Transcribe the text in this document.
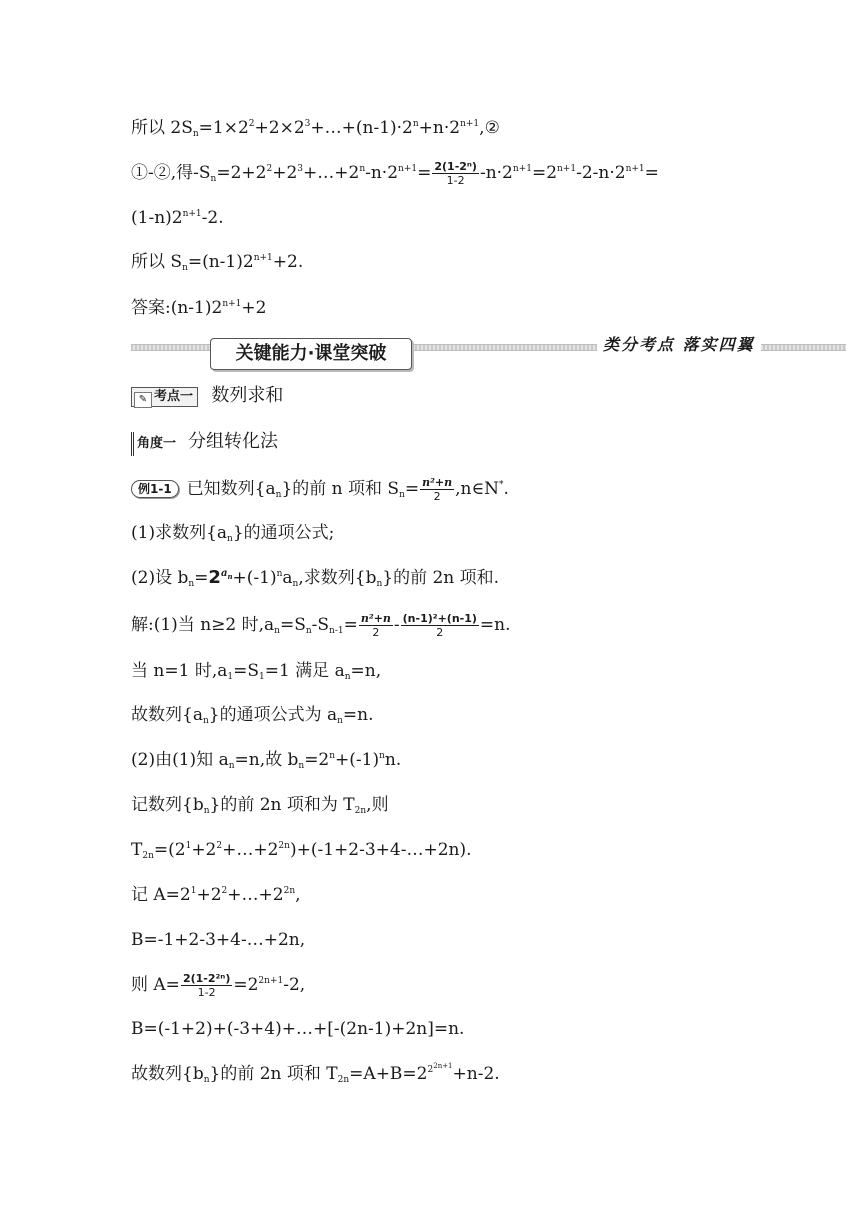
所以 $2S_n=1\times 2^2+2\times 2^3+\dots+(n-1)\cdot 2^n+n\cdot 2^{n+1},②$
①-②,得$-S_n=2+2^2+2^3+\dots+2^n-n\cdot 2^{n+1}= \frac{\text{2(1-2ⁿ)}}{1-2} -n\cdot 2^{n+1}=2^{n+1}-2-n\cdot 2^{n+1}=$
$(1-n)2^{n+1}-2$.
所以 $S_n=(n-1)2^{n+1}+2$.
答案$:(n-1)2^{n+1}+2$
关键能力·课堂突破	类分考点 落实四翼
✎ 考点一 数列求和
角度一 分组转化法
例1-1 已知数列$\{a_n\}$的前 n 项和 $S_n= \frac{\text{n²+n}}{2}$ ,n∈N*.
(1)求数列$\{a_n\}$的通项公式;
(2)设 $b_n=2^{a_n}+(-1)^na_n$,求数列$\{b_n\}$的前 2n 项和.
解:(1)当 n≥2 时$,a_n=S_n-S_{n-1}= \frac{\text{n²+n}}{2} - \frac{\text{(n-1)²+(n-1)}}{2} =n$.
当 n=1 时$,a_1=S_1=1$ 满足 $a_n=n$,
故数列$\{a_n\}$的通项公式为 $a_n=n$.
(2)由(1)知 $a_n=n$,故 $b_n=2^n+(-1)^nn$.
记数列$\{b_n\}$的前 2n 项和为 $T_{2n}$,则
$T_{2n}=(2^1+2^2+\dots+2^{2n})+(-1+2-3+4-\dots+2n)$.
记 $A=2^1+2^2+\dots+2^{2n}$,
B=-1+2-3+4-…+2n,
则 $A= \frac{\text{2(1-2²ⁿ)}}{1-2} =2^{2n+1}-2$,
B=(-1+2)+(-3+4)+…+[-(2n-1)+2n]=n.
故数列$\{b_n\}$的前 2n 项和 $T_{2n}=A+B=2^{2^{2n+1}}+n-2$.
